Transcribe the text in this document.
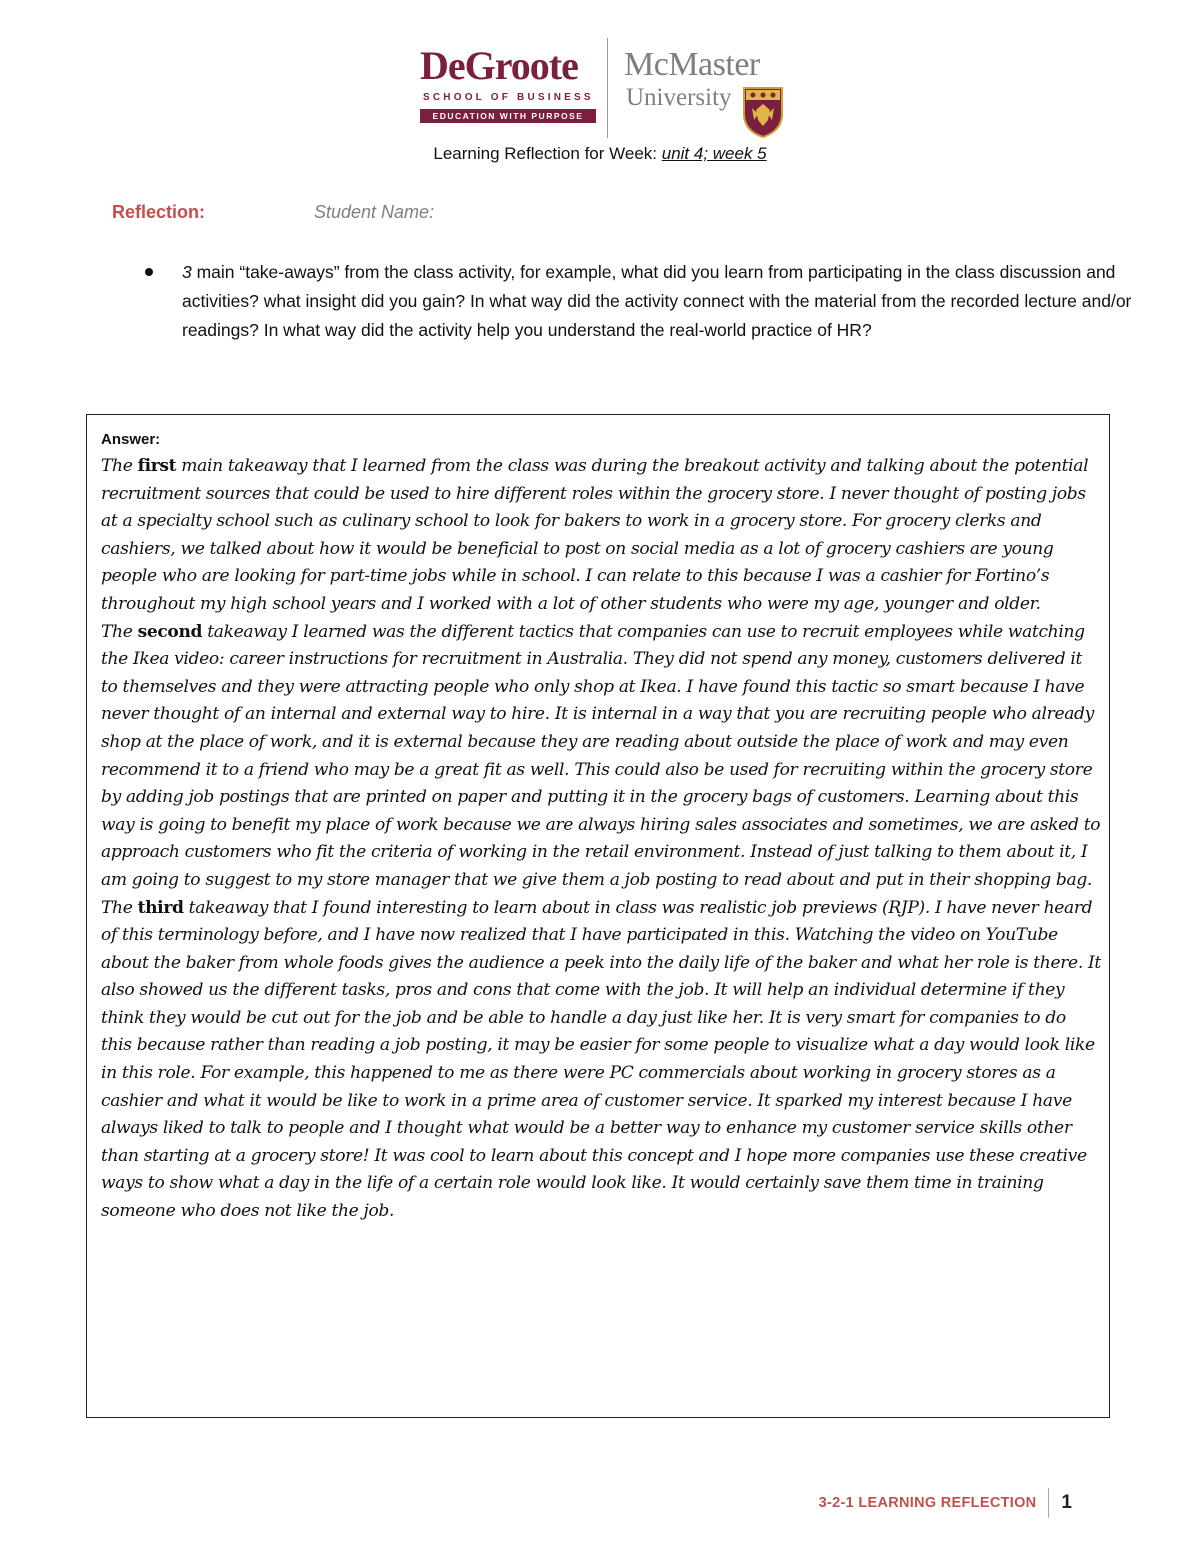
DeGroote
SCHOOL OF BUSINESS
EDUCATION WITH PURPOSE
McMaster
University
Learning Reflection for Week: unit 4; week 5
Reflection:	Student Name:
3 main “take-aways” from the class activity, for example, what did you learn from participating in the class discussion and activities? what insight did you gain? In what way did the activity connect with the material from the recorded lecture and/or readings? In what way did the activity help you understand the real-world practice of HR?
Answer:
The first main takeaway that I learned from the class was during the breakout activity and talking about the potential recruitment sources that could be used to hire different roles within the grocery store. I never thought of posting jobs at a specialty school such as culinary school to look for bakers to work in a grocery store. For grocery clerks and cashiers, we talked about how it would be beneficial to post on social media as a lot of grocery cashiers are young people who are looking for part-time jobs while in school. I can relate to this because I was a cashier for Fortino’s throughout my high school years and I worked with a lot of other students who were my age, younger and older.
The second takeaway I learned was the different tactics that companies can use to recruit employees while watching the Ikea video: career instructions for recruitment in Australia. They did not spend any money, customers delivered it to themselves and they were attracting people who only shop at Ikea. I have found this tactic so smart because I have never thought of an internal and external way to hire. It is internal in a way that you are recruiting people who already shop at the place of work, and it is external because they are reading about outside the place of work and may even recommend it to a friend who may be a great fit as well. This could also be used for recruiting within the grocery store by adding job postings that are printed on paper and putting it in the grocery bags of customers. Learning about this way is going to benefit my place of work because we are always hiring sales associates and sometimes, we are asked to approach customers who fit the criteria of working in the retail environment. Instead of just talking to them about it, I am going to suggest to my store manager that we give them a job posting to read about and put in their shopping bag. The third takeaway that I found interesting to learn about in class was realistic job previews (RJP). I have never heard of this terminology before, and I have now realized that I have participated in this. Watching the video on YouTube about the baker from whole foods gives the audience a peek into the daily life of the baker and what her role is there. It also showed us the different tasks, pros and cons that come with the job. It will help an individual determine if they think they would be cut out for the job and be able to handle a day just like her. It is very smart for companies to do this because rather than reading a job posting, it may be easier for some people to visualize what a day would look like in this role. For example, this happened to me as there were PC commercials about working in grocery stores as a cashier and what it would be like to work in a prime area of customer service. It sparked my interest because I have always liked to talk to people and I thought what would be a better way to enhance my customer service skills other than starting at a grocery store! It was cool to learn about this concept and I hope more companies use these creative ways to show what a day in the life of a certain role would look like. It would certainly save them time in training someone who does not like the job.
3-2-1 LEARNING REFLECTION 1
